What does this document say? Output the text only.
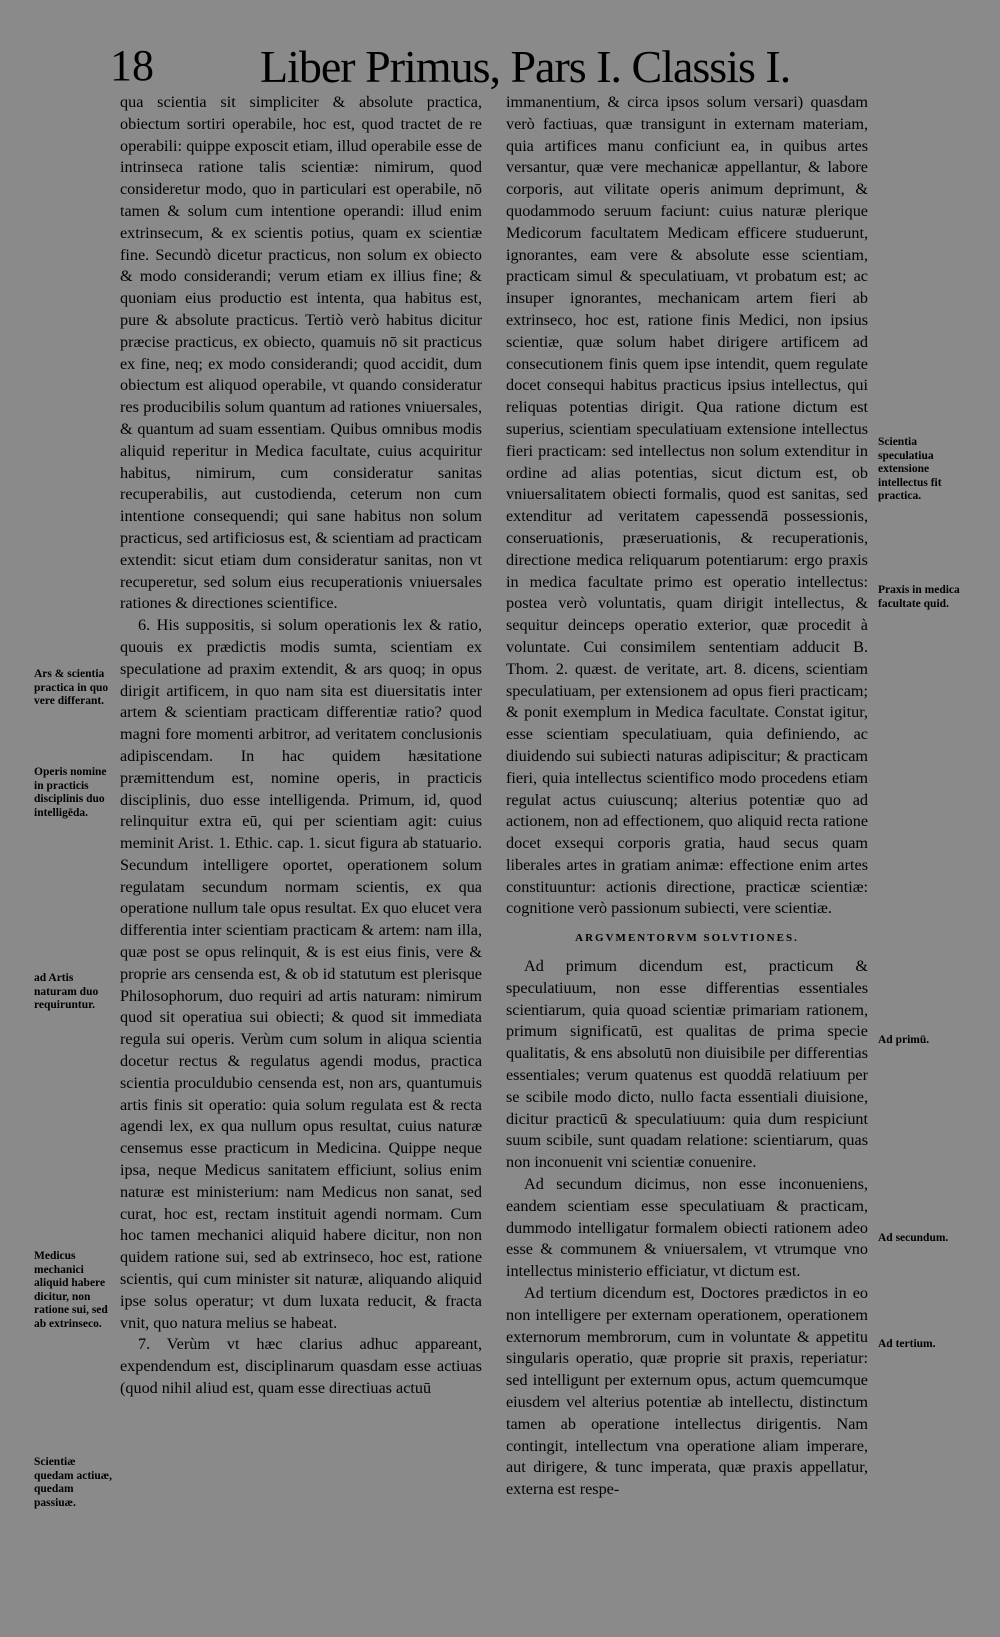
18 Liber Primus, Pars I. Classis I.

qua scientia sit simpliciter & absolute practica, obiectum sortiri operabile, hoc est, quod tractet de re operabili: quippe exposcit etiam, illud operabile esse de intrinseca ratione talis scientiæ: nimirum, quod consideretur modo, quo in particulari est operabile, nō tamen & solum cum intentione operandi: illud enim extrinsecum, & ex scientis potius, quam ex scientiæ fine. Secundò dicetur practicus, non solum ex obiecto & modo considerandi; verum etiam ex illius fine; & quoniam eius productio est intenta, qua habitus est, pure & absolute practicus. Tertiò verò habitus dicitur præcise practicus, ex obiecto, quamuis nō sit practicus ex fine, neq; ex modo considerandi; quod accidit, dum obiectum est aliquod operabile, vt quando consideratur res producibilis solum quantum ad rationes vniuersales, & quantum ad suam essentiam. Quibus omnibus modis aliquid reperitur in Medica facultate, cuius acquiritur habitus, nimirum, cum consideratur sanitas recuperabilis, aut custodienda, ceterum non cum intentione consequendi; qui sane habitus non solum practicus, sed artificiosus est, & scientiam ad practicam extendit: sicut etiam dum consideratur sanitas, non vt recuperetur, sed solum eius recuperationis vniuersales rationes & directiones scientifice.

6. His suppositis, si solum operationis lex & ratio, quouis ex prædictis modis sumta, scientiam ex speculatione ad praxim extendit, & ars quoq; in opus dirigit artificem, in quo nam sita est diuersitatis inter artem & scientiam practicam differentiæ ratio? quod magni fore momenti arbitror, ad veritatem conclusionis adipiscendam. In hac quidem hæsitatione præmittendum est, nomine operis, in practicis disciplinis, duo esse intelligenda. Primum, id, quod relinquitur extra eū, qui per scientiam agit: cuius meminit Arist. 1. Ethic. cap. 1. sicut figura ab statuario. Secundum intelligere oportet, operationem solum regulatam secundum normam scientis, ex qua operatione nullum tale opus resultat. Ex quo elucet vera differentia inter scientiam practicam & artem: nam illa, quæ post se opus relinquit, & is est eius finis, vere & proprie ars censenda est, & ob id statutum est plerisque Philosophorum, duo requiri ad artis naturam: nimirum quod sit operatiua sui obiecti; & quod sit immediata regula sui operis. Verùm cum solum in aliqua scientia docetur rectus & regulatus agendi modus, practica scientia proculdubio censenda est, non ars, quantumuis artis finis sit operatio: quia solum regulata est & recta agendi lex, ex qua nullum opus resultat, cuius naturæ censemus esse practicum in Medicina. Quippe neque ipsa, neque Medicus sanitatem efficiunt, solius enim naturæ est ministerium: nam Medicus non sanat, sed curat, hoc est, rectam instituit agendi normam. Cum hoc tamen mechanici aliquid habere dicitur, non non quidem ratione sui, sed ab extrinseco, hoc est, ratione scientis, qui cum minister sit naturæ, aliquando aliquid ipse solus operatur; vt dum luxata reducit, & fracta vnit, quo natura melius se habeat.

7. Verùm vt hæc clarius adhuc appareant, expendendum est, disciplinarum quasdam esse actiuas (quod nihil aliud est, quam esse directiuas actuū

immanentium, & circa ipsos solum versari) quasdam verò factiuas, quæ transigunt in externam materiam, quia artifices manu conficiunt ea, in quibus artes versantur, quæ vere mechanicæ appellantur, & labore corporis, aut vilitate operis animum deprimunt, & quodammodo seruum faciunt: cuius naturæ plerique Medicorum facultatem Medicam efficere studuerunt, ignorantes, eam vere & absolute esse scientiam, practicam simul & speculatiuam, vt probatum est; ac insuper ignorantes, mechanicam artem fieri ab extrinseco, hoc est, ratione finis Medici, non ipsius scientiæ, quæ solum habet dirigere artificem ad consecutionem finis quem ipse intendit, quem regulate docet consequi habitus practicus ipsius intellectus, qui reliquas potentias dirigit. Qua ratione dictum est superius, scientiam speculatiuam extensione intellectus fieri practicam: sed intellectus non solum extenditur in ordine ad alias potentias, sicut dictum est, ob vniuersalitatem obiecti formalis, quod est sanitas, sed extenditur ad veritatem capessendā possessionis, conseruationis, præseruationis, & recuperationis, directione medica reliquarum potentiarum: ergo praxis in medica facultate primo est operatio intellectus: postea verò voluntatis, quam dirigit intellectus, & sequitur deinceps operatio exterior, quæ procedit à voluntate. Cui consimilem sententiam adducit B. Thom. 2. quæst. de veritate, art. 8. dicens, scientiam speculatiuam, per extensionem ad opus fieri practicam; & ponit exemplum in Medica facultate. Constat igitur, esse scientiam speculatiuam, quia definiendo, ac diuidendo sui subiecti naturas adipiscitur; & practicam fieri, quia intellectus scientifico modo procedens etiam regulat actus cuiuscunq; alterius potentiæ quo ad actionem, non ad effectionem, quo aliquid recta ratione docet exsequi corporis gratia, haud secus quam liberales artes in gratiam animæ: effectione enim artes constituuntur: actionis directione, practicæ scientiæ: cognitione verò passionum subiecti, vere scientiæ.

ARGVMENTORVM SOLVTIONES.

Ad primum dicendum est, practicum & speculatiuum, non esse differentias essentiales scientiarum, quia quoad scientiæ primariam rationem, primum significatū, est qualitas de prima specie qualitatis, & ens absolutū non diuisibile per differentias essentiales; verum quatenus est quoddā relatiuum per se scibile modo dicto, nullo facta essentiali diuisione, dicitur practicū & speculatiuum: quia dum respiciunt suum scibile, sunt quadam relatione: scientiarum, quas non inconuenit vni scientiæ conuenire.

Ad secundum dicimus, non esse inconueniens, eandem scientiam esse speculatiuam & practicam, dummodo intelligatur formalem obiecti rationem adeo esse & communem & vniuersalem, vt vtrumque vno intellectus ministerio efficiatur, vt dictum est.

Ad tertium dicendum est, Doctores prædictos in eo non intelligere per externam operationem, operationem externorum membrorum, cum in voluntate & appetitu singularis operatio, quæ proprie sit praxis, reperiatur: sed intelligunt per externum opus, actum quemcumque eiusdem vel alterius potentiæ ab intellectu, distinctum tamen ab operatione intellectus dirigentis. Nam contingit, intellectum vna operatione aliam imperare, aut dirigere, & tunc imperata, quæ praxis appellatur, externa est respe-

Ars & scientia practica in quo vere differant.
Operis nomine in practicis disciplinis duo intelligēda.
ad Artis naturam duo requiruntur.
Medicus mechanici aliquid habere dicitur, non ratione sui, sed ab extrinseco.
Scientiæ quedam actiuæ, quedam passiuæ.
Scientia speculatiua extensione intellectus fit practica.
Praxis in medica facultate quid.
Ad primū.
Ad secundum.
Ad tertium.
